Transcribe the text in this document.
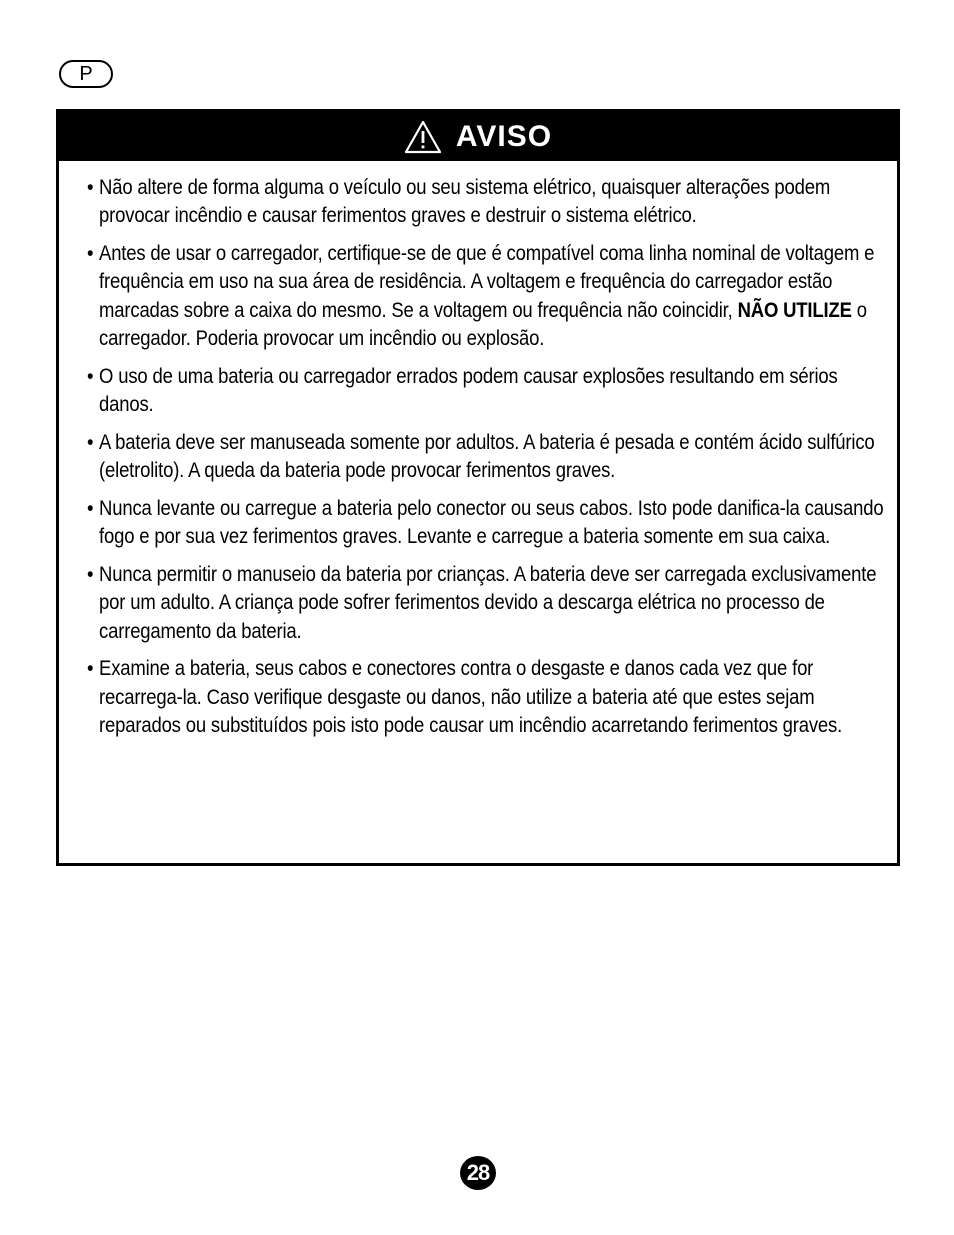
P
AVISO
• Não altere de forma alguma o veículo ou seu sistema elétrico, quaisquer alterações podem provocar incêndio e causar ferimentos graves e destruir o sistema elétrico.
• Antes de usar o carregador, certifique-se de que é compatível coma linha nominal de voltagem e frequência em uso na sua área de residência. A voltagem e frequência do carregador estão marcadas sobre a caixa do mesmo. Se a voltagem ou frequência não coincidir, NÃO UTILIZE o carregador. Poderia provocar um incêndio ou explosão.
• O uso de uma bateria ou carregador errados podem causar explosões resultando em sérios danos.
• A bateria deve ser manuseada somente por adultos. A bateria é pesada e contém ácido sulfúrico (eletrolito). A queda da bateria pode provocar ferimentos graves.
• Nunca levante ou carregue a bateria pelo conector ou seus cabos. Isto pode danifica-la causando fogo e por sua vez ferimentos graves. Levante e carregue a bateria somente em sua caixa.
• Nunca permitir o manuseio da bateria por crianças. A bateria deve ser carregada exclusivamente por um adulto. A criança pode sofrer ferimentos devido a descarga elétrica no processo de carregamento da bateria.
• Examine a bateria, seus cabos e conectores contra o desgaste e danos cada vez que for recarrega-la. Caso verifique desgaste ou danos, não utilize a bateria até que estes sejam reparados ou substituídos pois isto pode causar um incêndio acarretando ferimentos graves.
28
